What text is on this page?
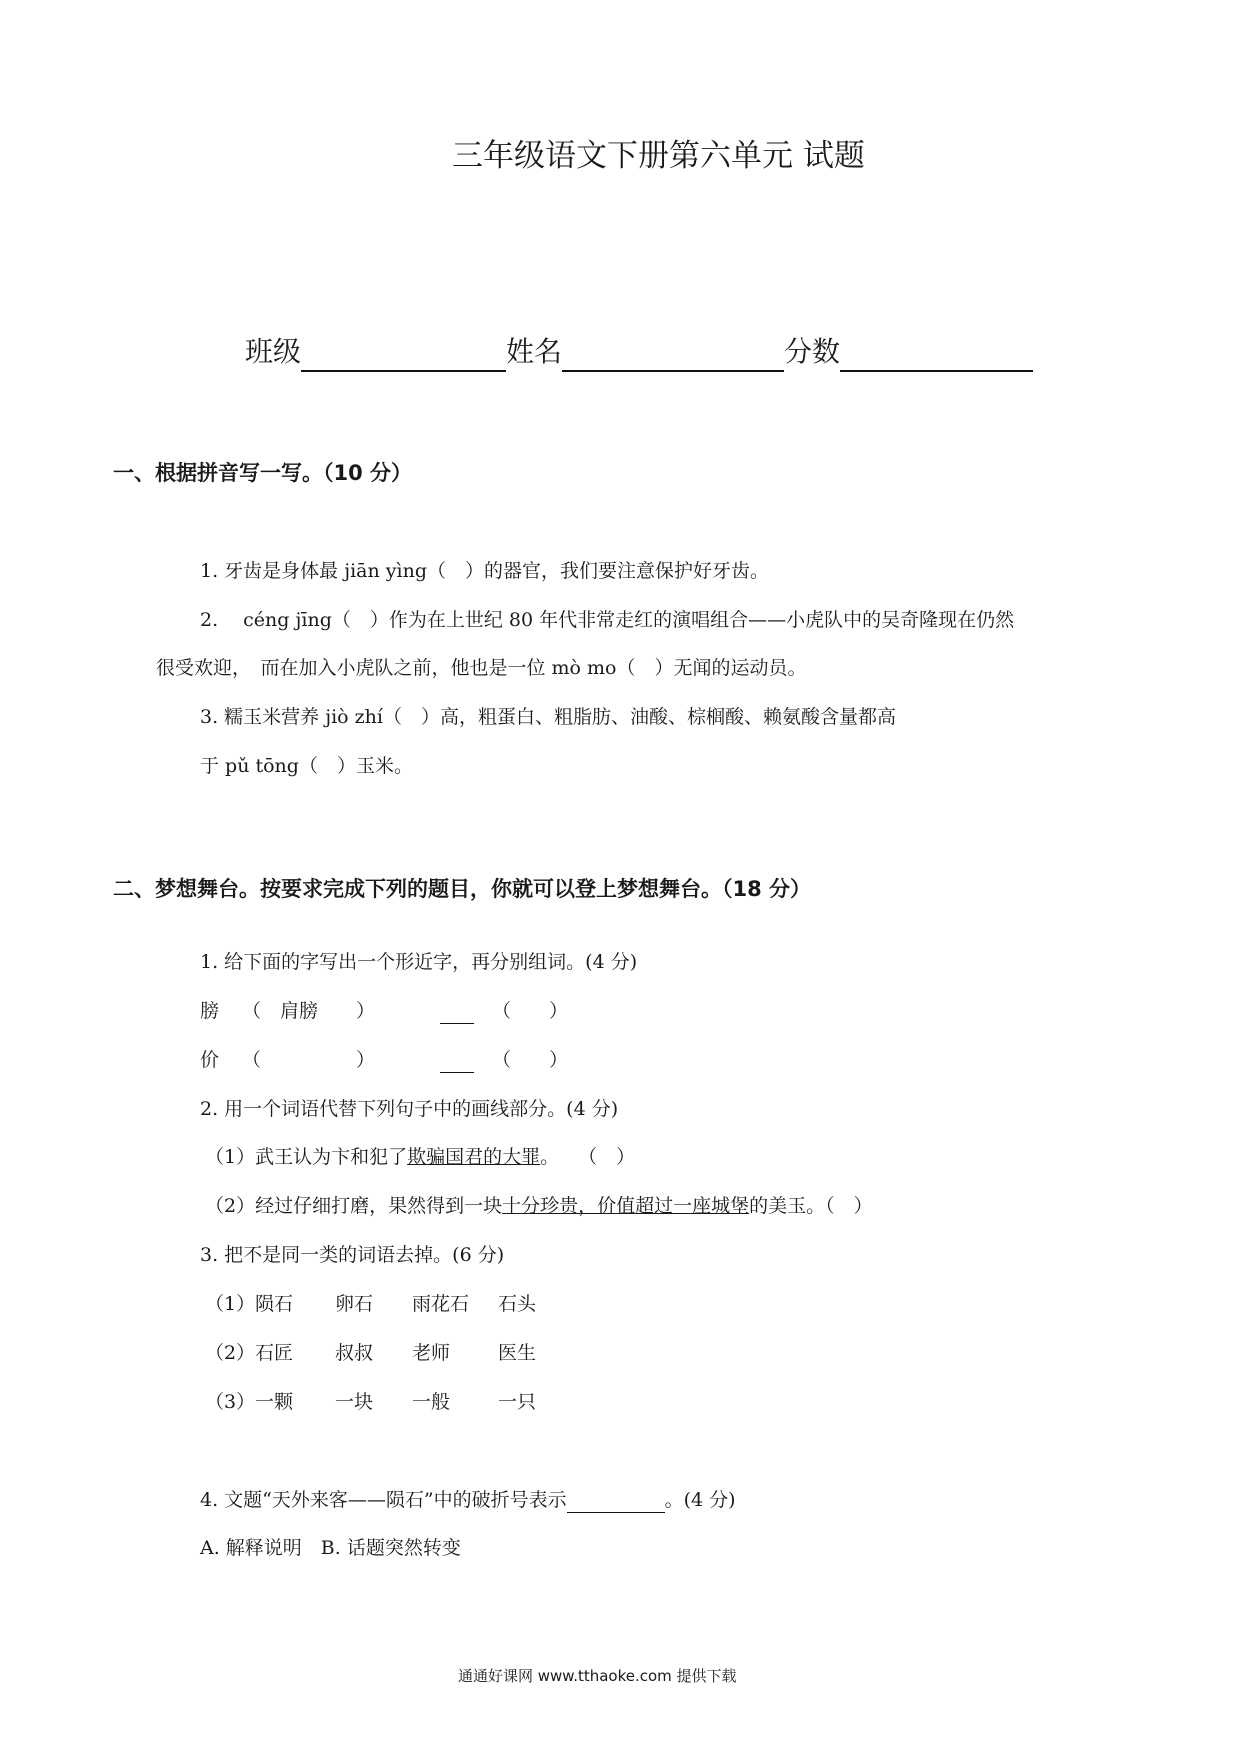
三年级语文下册第六单元 试题
班级	姓名	分数
一、根据拼音写一写。（10 分）
1. 牙齿是身体最 jiān yìng（　）的器官，我们要注意保护好牙齿。
2.　 céng jīng（　）作为在上世纪 80 年代非常走红的演唱组合——小虎队中的吴奇隆现在仍然
很受欢迎，　而在加入小虎队之前，他也是一位 mò mo（　）无闻的运动员。
3. 糯玉米营养 jiò zhí（　）高，粗蛋白、粗脂肪、油酸、棕榈酸、赖氨酸含量都高
于 pǔ tōng（　）玉米。
二、梦想舞台。按要求完成下列的题目，你就可以登上梦想舞台。（18 分）
1. 给下面的字写出一个形近字，再分别组词。(4 分)
膀 （　肩膀　　）	（　　）
价 （　　　　　）	（　　）
2. 用一个词语代替下列句子中的画线部分。(4 分)
（1）武王认为卞和犯了欺骗国君的大罪。　　（　）
（2）经过仔细打磨，果然得到一块十分珍贵，价值超过一座城堡的美玉。（　）
3. 把不是同一类的词语去掉。(6 分)
（1）陨石 卵石 雨花石 石头
（2）石匠 叔叔 老师	医生
（3）一颗 一块 一般	一只
4. 文题“天外来客——陨石”中的破折号表示	。(4 分)
A. 解释说明　B. 话题突然转变
通通好课网 www.tthaoke.com 提供下载
